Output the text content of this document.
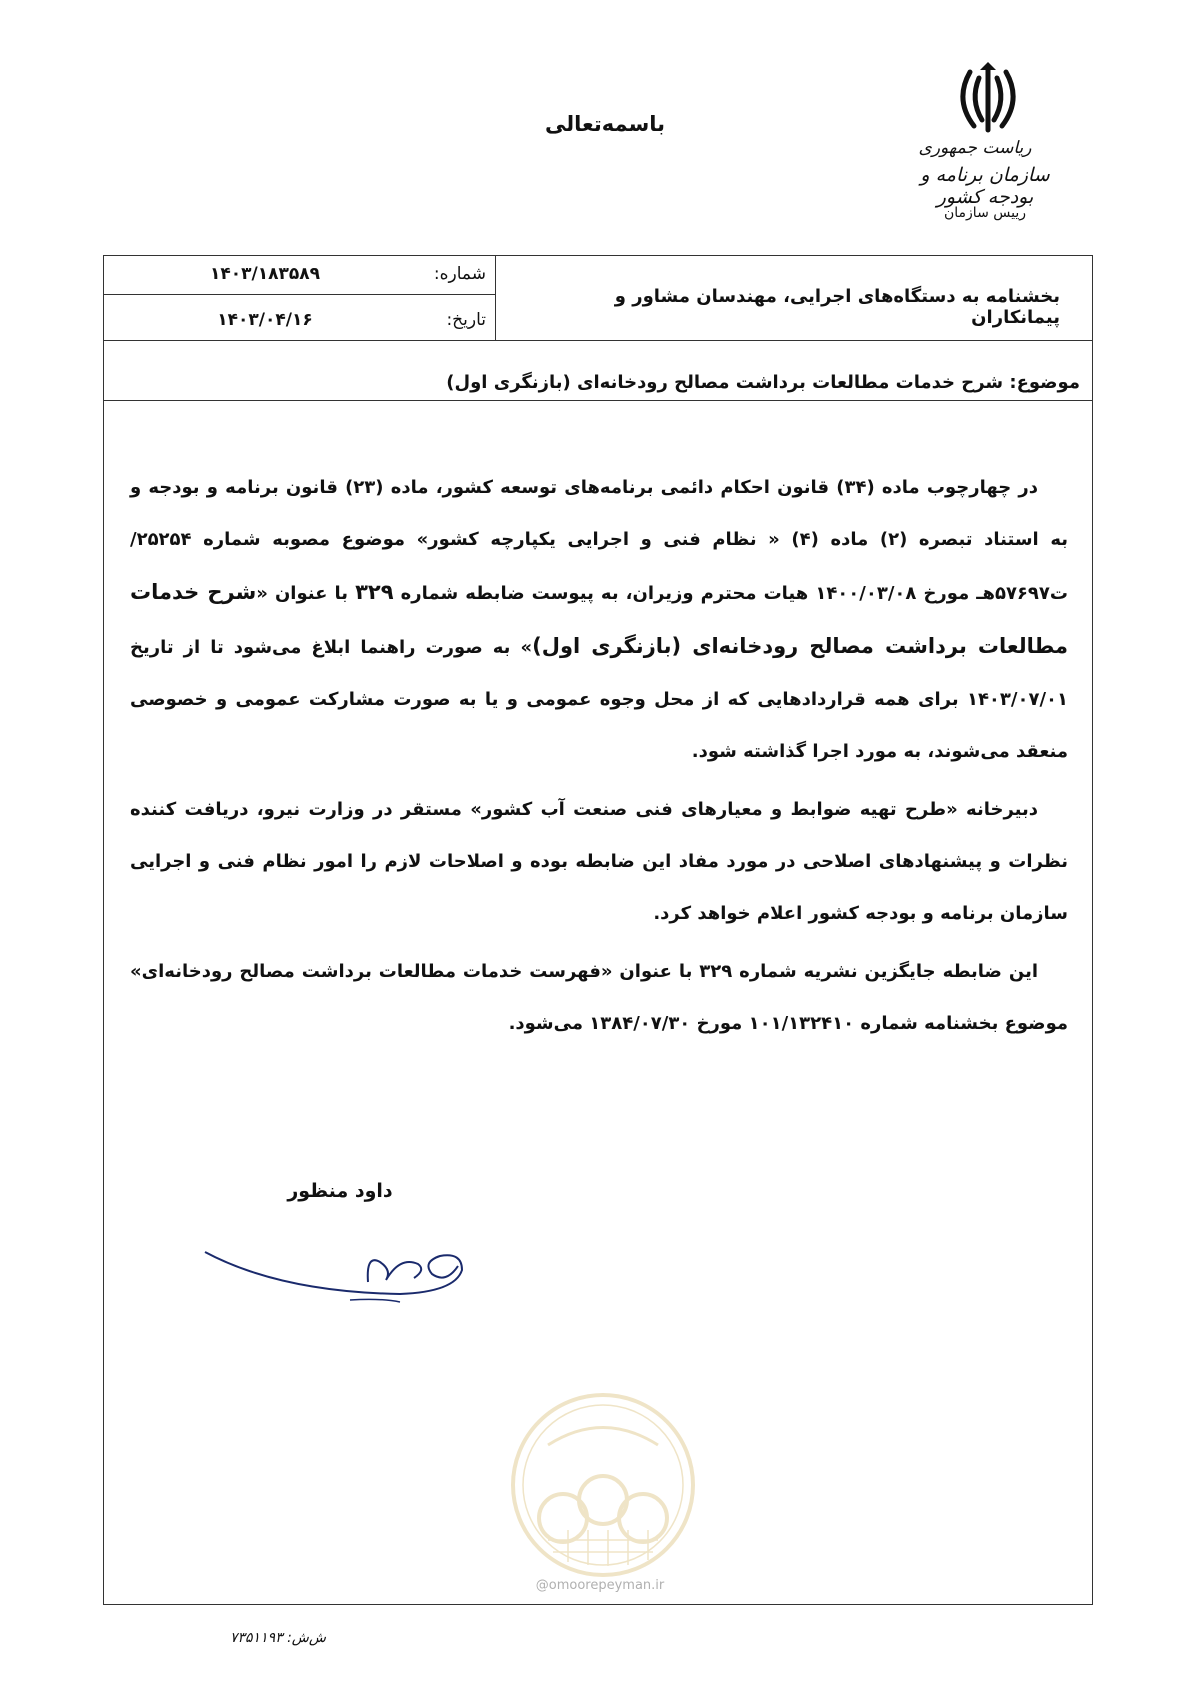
باسمه‌تعالی
ریاست جمهوری
سازمان برنامه و بودجه کشور
رییس سازمان
شماره:
۱۴۰۳/۱۸۳۵۸۹
تاریخ:
۱۴۰۳/۰۴/۱۶
بخشنامه به دستگاه‌های اجرایی، مهندسان مشاور و پیمانکاران
موضوع: شرح خدمات مطالعات برداشت مصالح رودخانه‌ای (بازنگری اول)

در چهارچوب ماده (۳۴) قانون احکام دائمی برنامه‌های توسعه کشور، ماده (۲۳) قانون برنامه و بودجه و به استناد تبصره (۲) ماده (۴) « نظام فنی و اجرایی یکپارچه کشور» موضوع مصوبه شماره ۲۵۲۵۴/ت۵۷۶۹۷هـ مورخ ۱۴۰۰/۰۳/۰۸ هیات محترم وزیران، به پیوست ضابطه شماره ۳۲۹ با عنوان «شرح خدمات مطالعات برداشت مصالح رودخانه‌ای (بازنگری اول)» به صورت راهنما ابلاغ می‌شود تا از تاریخ ۱۴۰۳/۰۷/۰۱ برای همه قراردادهایی که از محل وجوه عمومی و یا به صورت مشارکت عمومی و خصوصی منعقد می‌شوند، به مورد اجرا گذاشته شود.

دبیرخانه «طرح تهیه ضوابط و معیارهای فنی صنعت آب کشور» مستقر در وزارت نیرو، دریافت کننده نظرات و پیشنهادهای اصلاحی در مورد مفاد این ضابطه بوده و اصلاحات لازم را امور نظام فنی و اجرایی سازمان برنامه و بودجه کشور اعلام خواهد کرد.

این ضابطه جایگزین نشریه شماره ۳۲۹ با عنوان «فهرست خدمات مطالعات برداشت مصالح رودخانه‌ای» موضوع بخشنامه شماره ۱۰۱/۱۳۲۴۱۰ مورخ ۱۳۸۴/۰۷/۳۰ می‌شود.

داود منظور
@omoorepeyman.ir
ش‌ش: ۷۳۵۱۱۹۳
